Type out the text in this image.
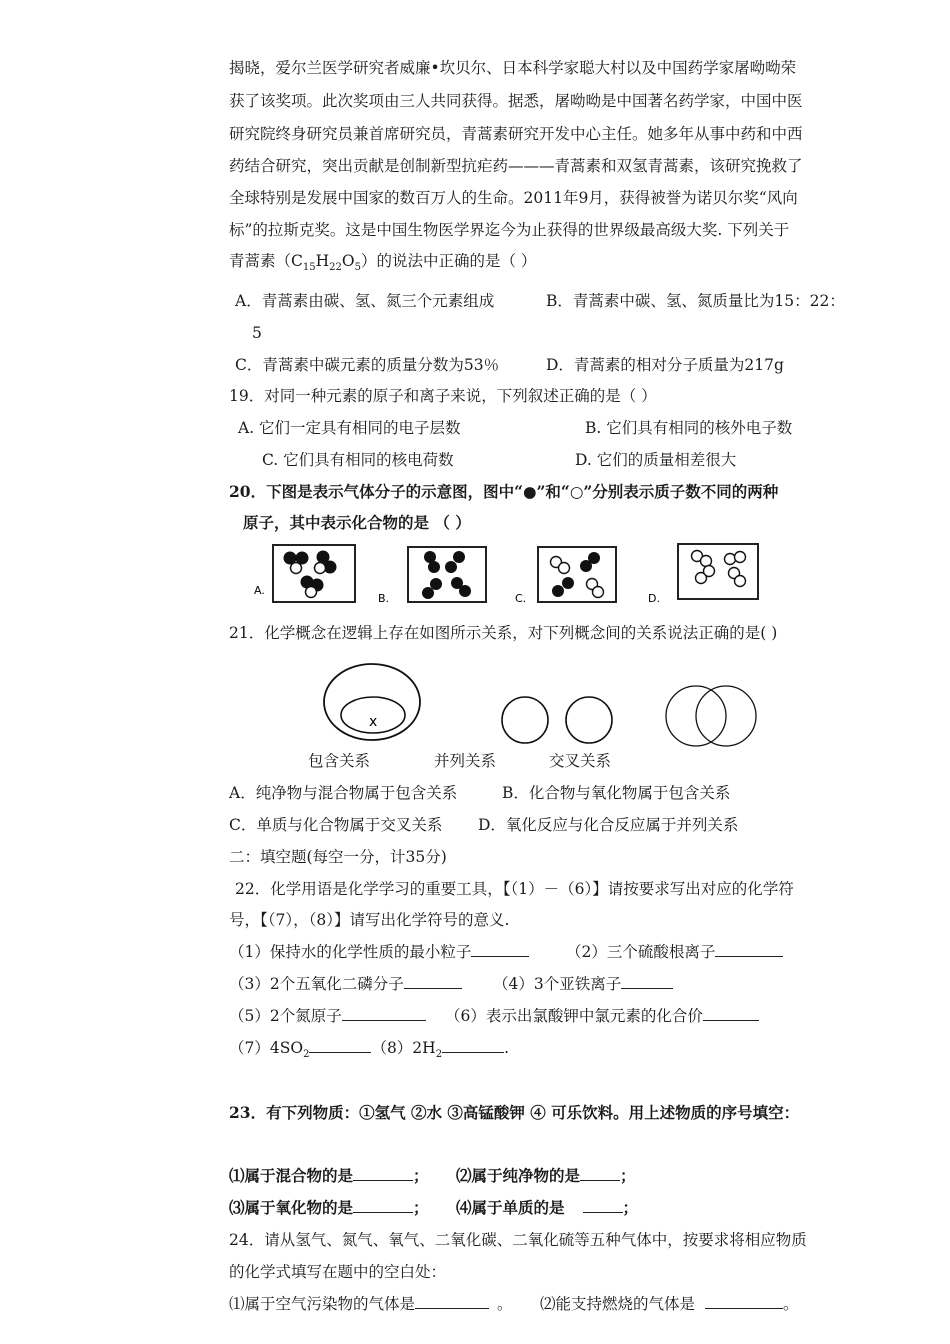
揭晓，爱尔兰医学研究者威廉•坎贝尔、日本科学家聪大村以及中国药学家屠呦呦荣
获了该奖项。此次奖项由三人共同获得。据悉，屠呦呦是中国著名药学家，中国中医
研究院终身研究员兼首席研究员，青蒿素研究开发中心主任。她多年从事中药和中西
药结合研究，突出贡献是创制新型抗疟药———青蒿素和双氢青蒿素，该研究挽救了
全球特别是发展中国家的数百万人的生命。2011年9月，获得被誉为诺贝尔奖“风向
标”的拉斯克奖。这是中国生物医学界迄今为止获得的世界级最高级大奖. 下列关于
青蒿素$(C_{15}H_{22}O_5)$的说法中正确的是（ ）
A．青蒿素由碳、氢、氮三个元素组成	B．青蒿素中碳、氢、氮质量比为15：22：
5
C．青蒿素中碳元素的质量分数为53％	D．青蒿素的相对分子质量为217g
19．对同一种元素的原子和离子来说，下列叙述正确的是（ ）
A. 它们一定具有相同的电子层数	B. 它们具有相同的核外电子数
C. 它们具有相同的核电荷数	D. 它们的质量相差很大
20．下图是表示气体分子的示意图，图中“●”和“○”分别表示质子数不同的两种
原子，其中表示化合物的是 （ ）
A.
B.	C.	D.
21．化学概念在逻辑上存在如图所示关系，对下列概念间的关系说法正确的是( )
x
包含关系	并列关系	交叉关系
A．纯净物与混合物属于包含关系	B．化合物与氧化物属于包含关系
C．单质与化合物属于交叉关系 D．氧化反应与化合反应属于并列关系
二：填空题(每空一分，计35分)
22．化学用语是化学学习的重要工具，【（1）－（6）】请按要求写出对应的化学符
号，【（7），（8）】请写出化学符号的意义.
（1）保持水的化学性质的最小粒子	（2）三个硫酸根离子
（3）2个五氧化二磷分子	（4）3个亚铁离子
（5）2个氮原子	（6）表示出氯酸钾中氯元素的化合价
$(7)4SO_2$	$(8)2H_2$	.
23．有下列物质：①氢气 ②水 ③高锰酸钾 ④ 可乐饮料。用上述物质的序号填空：
⑴属于混合物的是	； ⑵属于纯净物的是	；
⑶属于氧化物的是	； ⑷属于单质的是	；
24．请从氢气、氮气、氧气、二氧化碳、二氧化硫等五种气体中，按要求将相应物质
的化学式填写在题中的空白处：
⑴属于空气污染物的气体是	。 ⑵能支持燃烧的气体是	。
